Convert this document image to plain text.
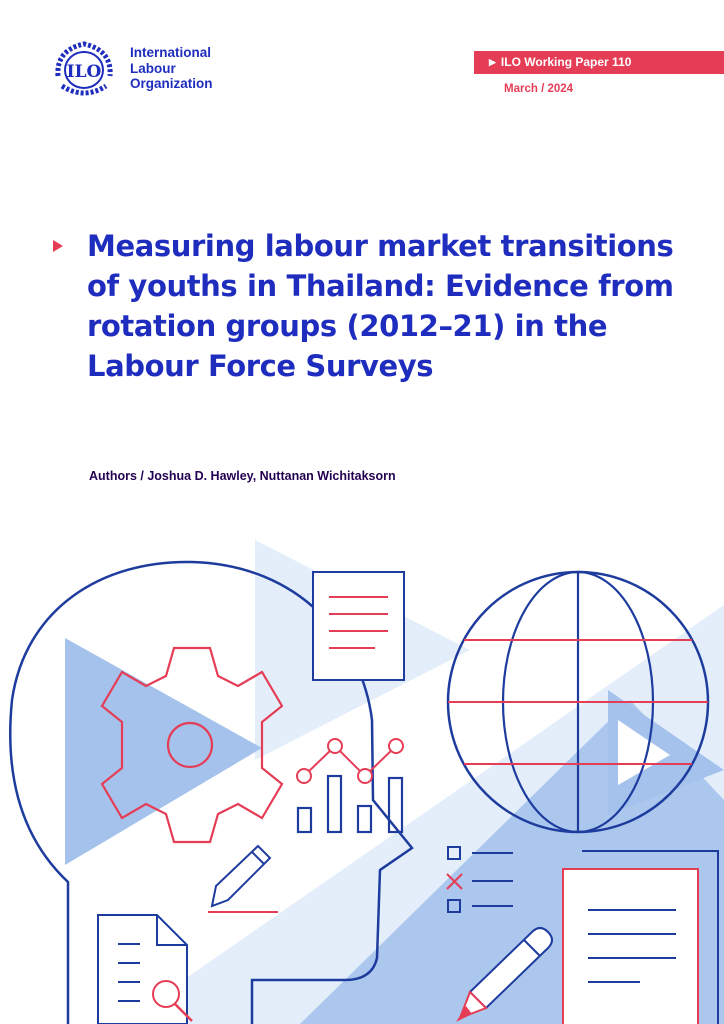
ILO
International
Labour
Organization
▶ ILO Working Paper 110
March / 2024
Measuring labour market transitions of youths in Thailand: Evidence from rotation groups (2012–21) in the Labour Force Surveys
Authors / Joshua D. Hawley, Nuttanan Wichitaksorn
